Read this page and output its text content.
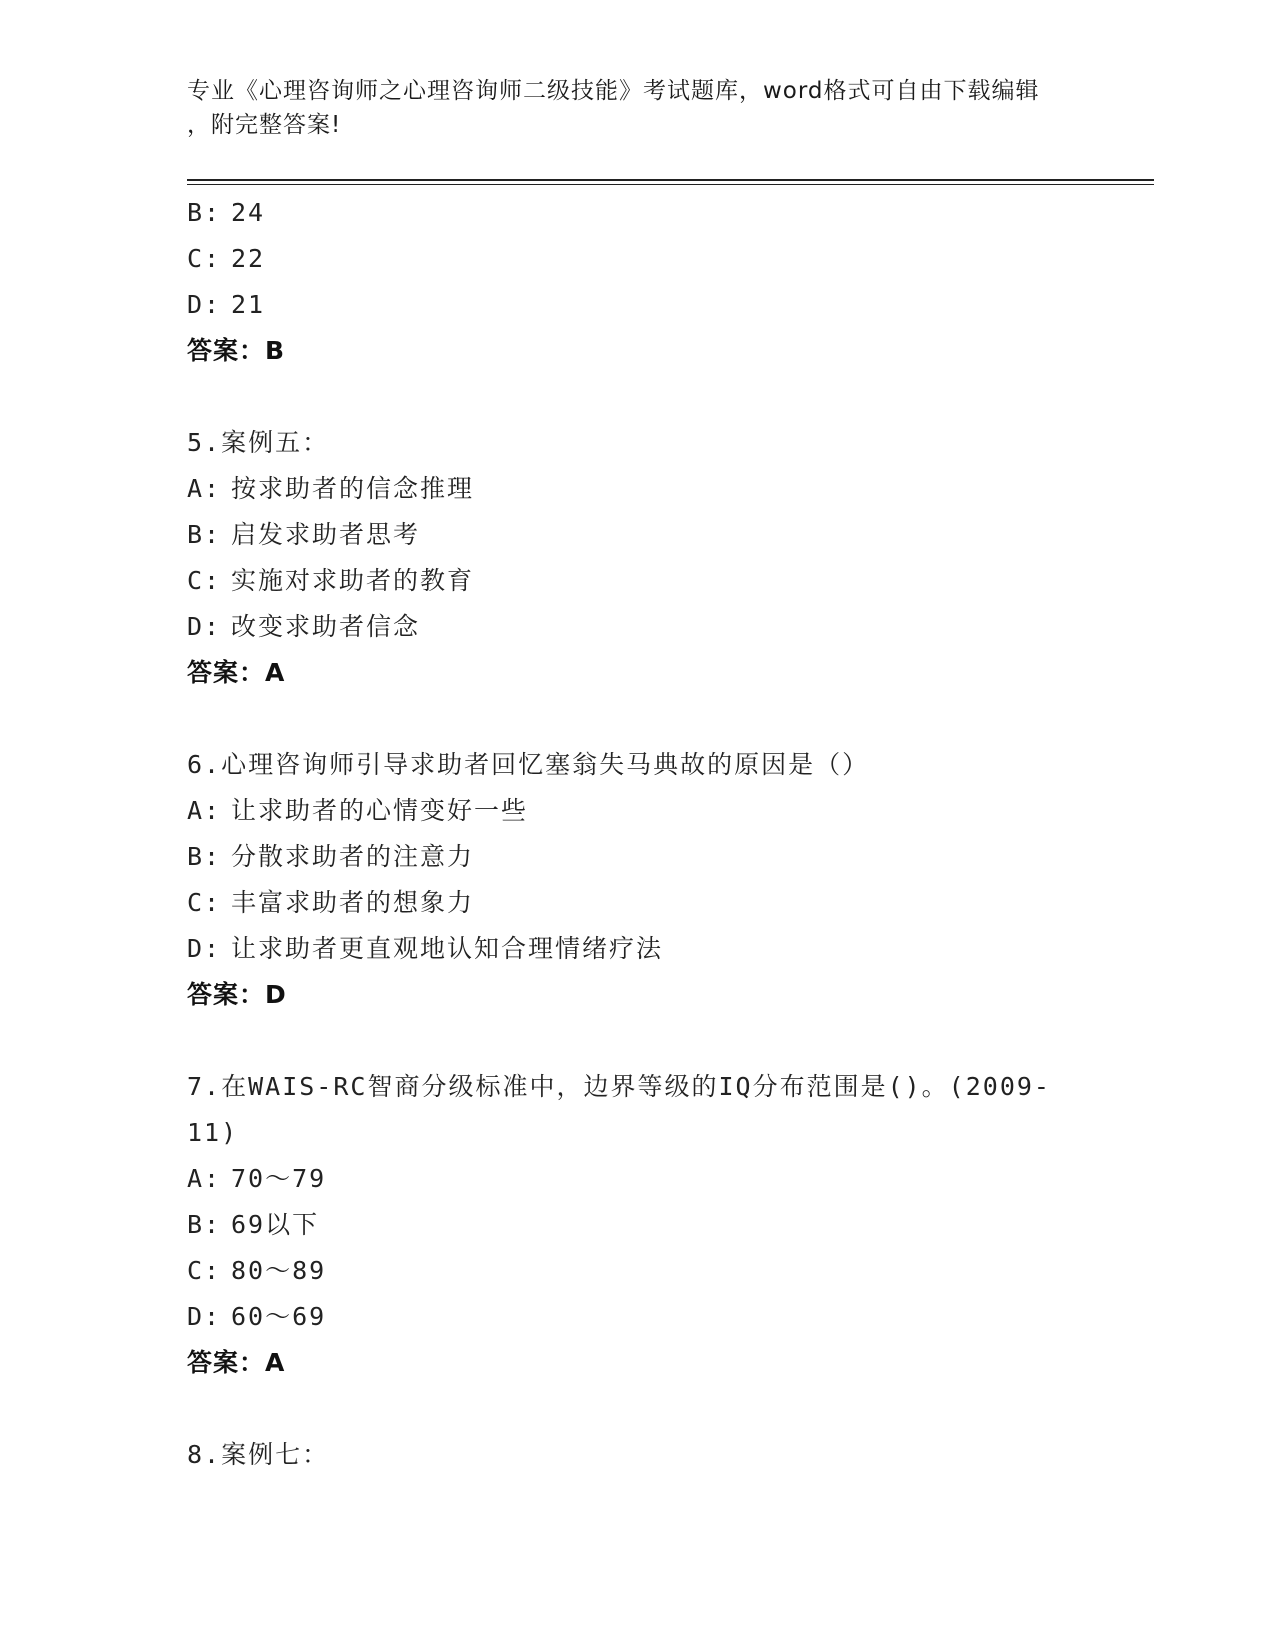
专业《心理咨询师之心理咨询师二级技能》考试题库，word格式可自由下载编辑
，附完整答案!
B: 24
C: 22
D: 21
答案：B
5.案例五：
A: 按求助者的信念推理
B: 启发求助者思考
C: 实施对求助者的教育
D: 改变求助者信念
答案：A
6.心理咨询师引导求助者回忆塞翁失马典故的原因是（）
A: 让求助者的心情变好一些
B: 分散求助者的注意力
C: 丰富求助者的想象力
D: 让求助者更直观地认知合理情绪疗法
答案：D
7.在WAIS-RC智商分级标准中，边界等级的IQ分布范围是()。(2009-
11)
A: 70～79
B: 69以下
C: 80～89
D: 60～69
答案：A
8.案例七：
